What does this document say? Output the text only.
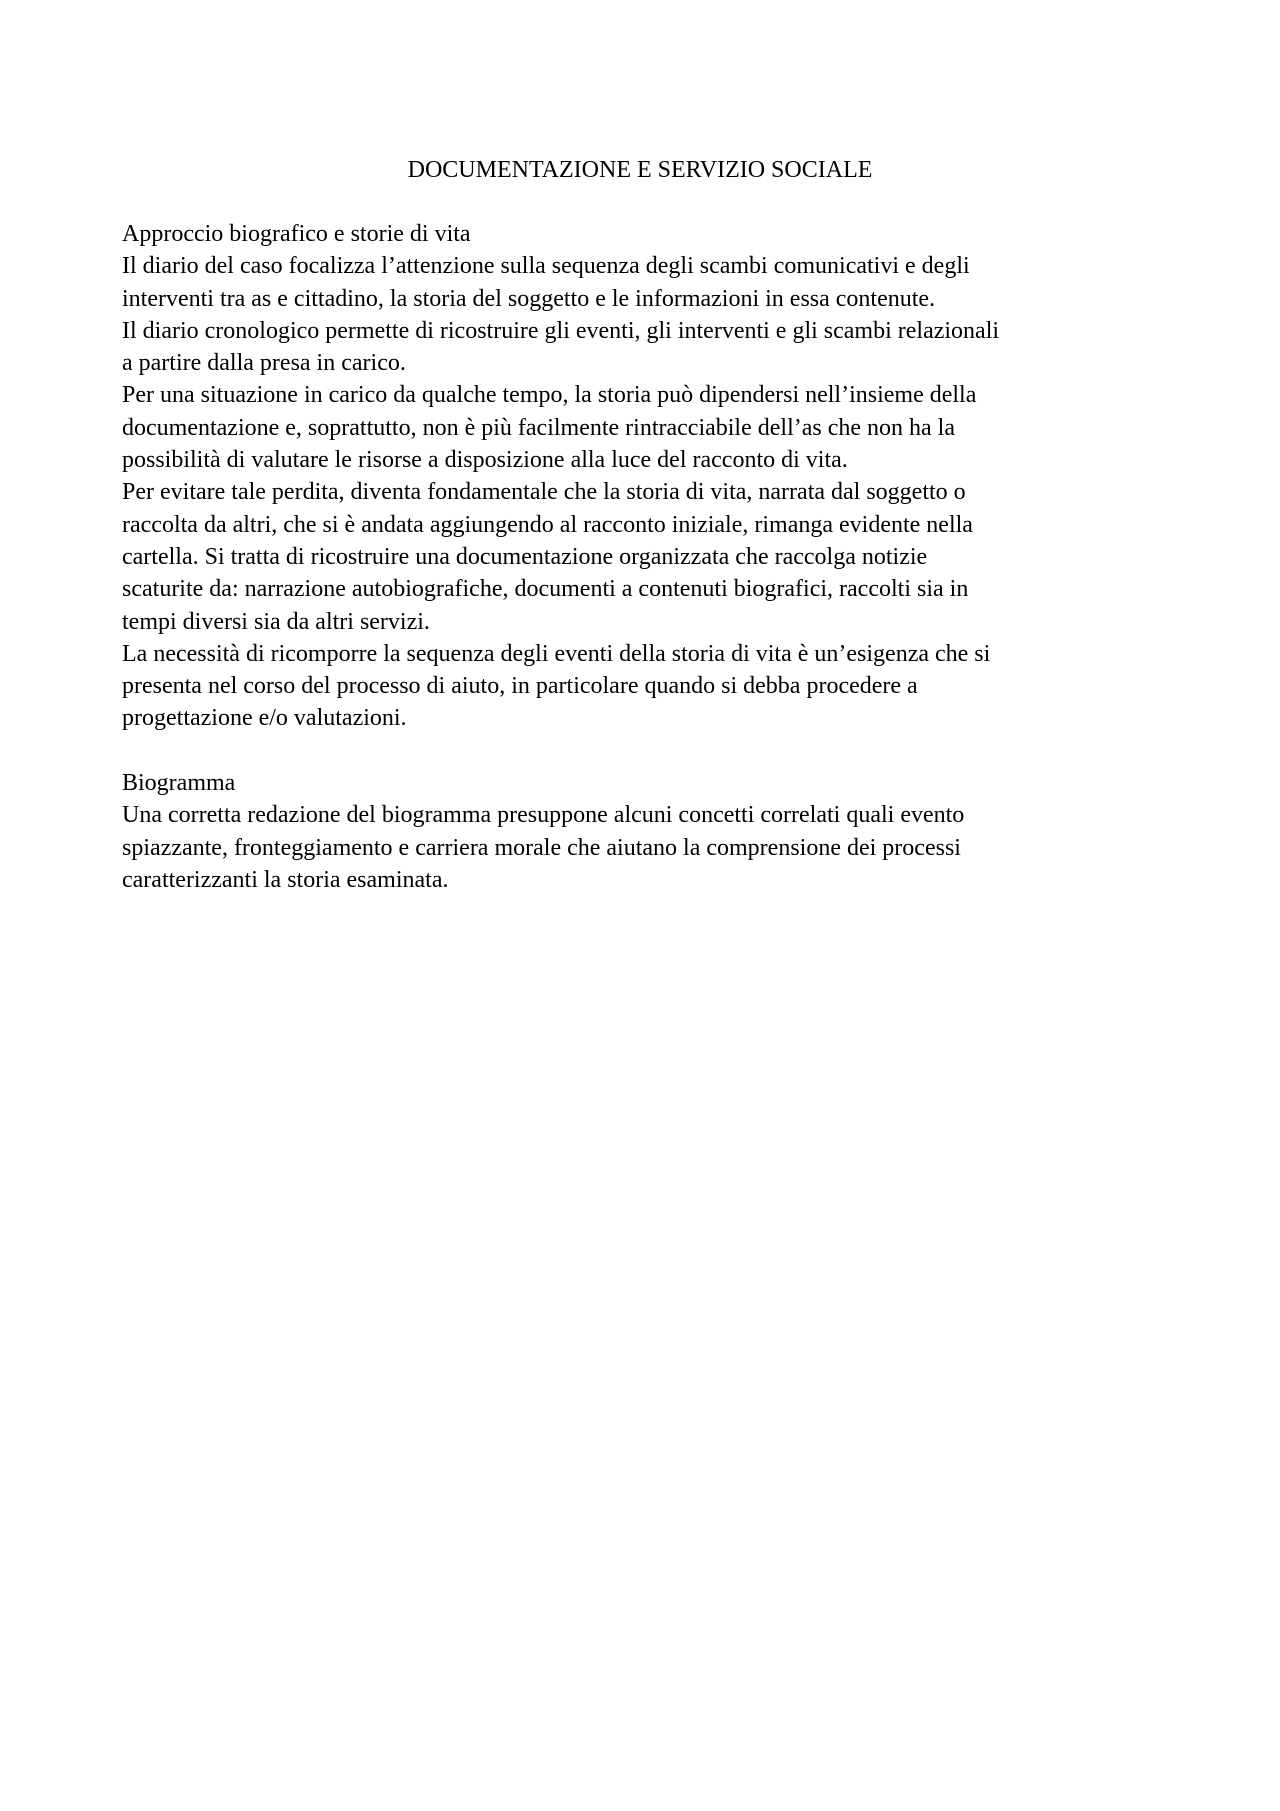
DOCUMENTAZIONE E SERVIZIO SOCIALE
Approccio biografico e storie di vita
Il diario del caso focalizza l’attenzione sulla sequenza degli scambi comunicativi e degli
interventi tra as e cittadino, la storia del soggetto e le informazioni in essa contenute.
Il diario cronologico permette di ricostruire gli eventi, gli interventi e gli scambi relazionali
a partire dalla presa in carico.
Per una situazione in carico da qualche tempo, la storia può dipendersi nell’insieme della
documentazione e, soprattutto, non è più facilmente rintracciabile dell’as che non ha la
possibilità di valutare le risorse a disposizione alla luce del racconto di vita.
Per evitare tale perdita, diventa fondamentale che la storia di vita, narrata dal soggetto o
raccolta da altri, che si è andata aggiungendo al racconto iniziale, rimanga evidente nella
cartella. Si tratta di ricostruire una documentazione organizzata che raccolga notizie
scaturite da: narrazione autobiografiche, documenti a contenuti biografici, raccolti sia in
tempi diversi sia da altri servizi.
La necessità di ricomporre la sequenza degli eventi della storia di vita è un’esigenza che si
presenta nel corso del processo di aiuto, in particolare quando si debba procedere a
progettazione e/o valutazioni.
Biogramma
Una corretta redazione del biogramma presuppone alcuni concetti correlati quali evento
spiazzante, fronteggiamento e carriera morale che aiutano la comprensione dei processi
caratterizzanti la storia esaminata.
